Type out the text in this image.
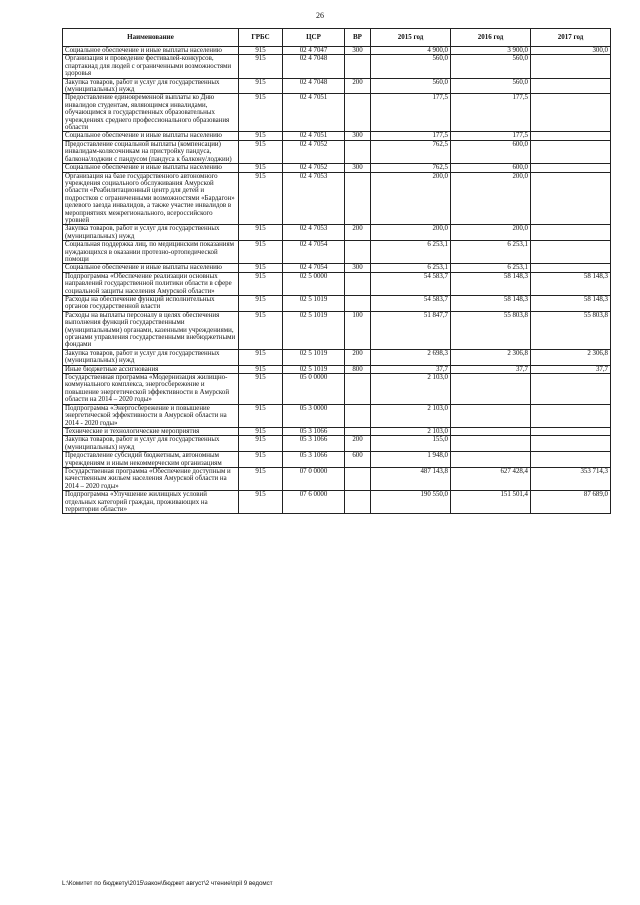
26
Наименование	ГРБС	ЦСР	ВР	2015 год	2016 год	2017 год
Социальное обеспечение и иные выплаты населению	915	02 4 7047	300	4 900,0	3 900,0	300,0
Организация и проведение фестивалей-конкурсов, спартакиад для людей с ограниченными возможностями здоровья	915	02 4 7048		560,0	560,0	
Закупка товаров, работ и услуг для государственных (муниципальных) нужд	915	02 4 7048	200	560,0	560,0	
Предоставление единовременной выплаты ко Дню инвалидов студентам, являющимся инвалидами, обучающимся в государственных образовательных учреждениях среднего профессионального образования области	915	02 4 7051		177,5	177,5	
Социальное обеспечение и иные выплаты населению	915	02 4 7051	300	177,5	177,5	
Предоставление социальной выплаты (компенсации) инвалидам-колясочникам на пристройку пандуса, балкона/лоджии с пандусом (пандуса к балкону/лоджии)	915	02 4 7052		762,5	600,0	
Социальное обеспечение и иные выплаты населению	915	02 4 7052	300	762,5	600,0	
Организация на базе государственного автономного учреждения социального обслуживания Амурской области «Реабилитационный центр для детей и подростков с ограниченными возможностями «Бардагон» целевого заезда инвалидов, а также участие инвалидов в мероприятиях межрегионального, всероссийского уровней	915	02 4 7053		200,0	200,0	
Закупка товаров, работ и услуг для государственных (муниципальных) нужд	915	02 4 7053	200	200,0	200,0	
Социальная поддержка лиц, по медицинским показаниям нуждающихся в оказании протезно-ортопедической помощи	915	02 4 7054		6 253,1	6 253,1	
Социальное обеспечение и иные выплаты населению	915	02 4 7054	300	6 253,1	6 253,1	
Подпрограмма «Обеспечение реализации основных направлений государственной политики области в сфере социальной защиты населения Амурской области»	915	02 5 0000		54 583,7	58 148,3	58 148,3
Расходы на обеспечение функций исполнительных органов государственной власти	915	02 5 1019		54 583,7	58 148,3	58 148,3
Расходы на выплаты персоналу в целях обеспечения выполнения функций государственными (муниципальными) органами, казенными учреждениями, органами управления государственными внебюджетными фондами	915	02 5 1019	100	51 847,7	55 803,8	55 803,8
Закупка товаров, работ и услуг для государственных (муниципальных) нужд	915	02 5 1019	200	2 698,3	2 306,8	2 306,8
Иные бюджетные ассигнования	915	02 5 1019	800	37,7	37,7	37,7
Государственная программа «Модернизация жилищно-коммунального комплекса, энергосбережение и повышение энергетической эффективности в Амурской области на 2014 – 2020 годы»	915	05 0 0000		2 103,0		
Подпрограмма «Энергосбережение и повышение энергетической эффективности в Амурской области на 2014 - 2020 годы»	915	05 3 0000		2 103,0		
Технические и технологические мероприятия	915	05 3 1066		2 103,0		
Закупка товаров, работ и услуг для государственных (муниципальных) нужд	915	05 3 1066	200	155,0		
Предоставление субсидий бюджетным, автономным учреждениям и иным некоммерческим организациям	915	05 3 1066	600	1 948,0		
Государственная программа «Обеспечение доступным и качественным жильем населения Амурской области на 2014 – 2020 годы»	915	07 0 0000		487 143,8	627 428,4	353 714,3
Подпрограмма «Улучшение жилищных условий отдельных категорий граждан, проживающих на территории области»	915	07 6 0000		190 550,0	151 501,4	87 689,0
L:\Комитет по бюджету\2015\закон\бюджет август\2 чтение\прil 9 ведомст
